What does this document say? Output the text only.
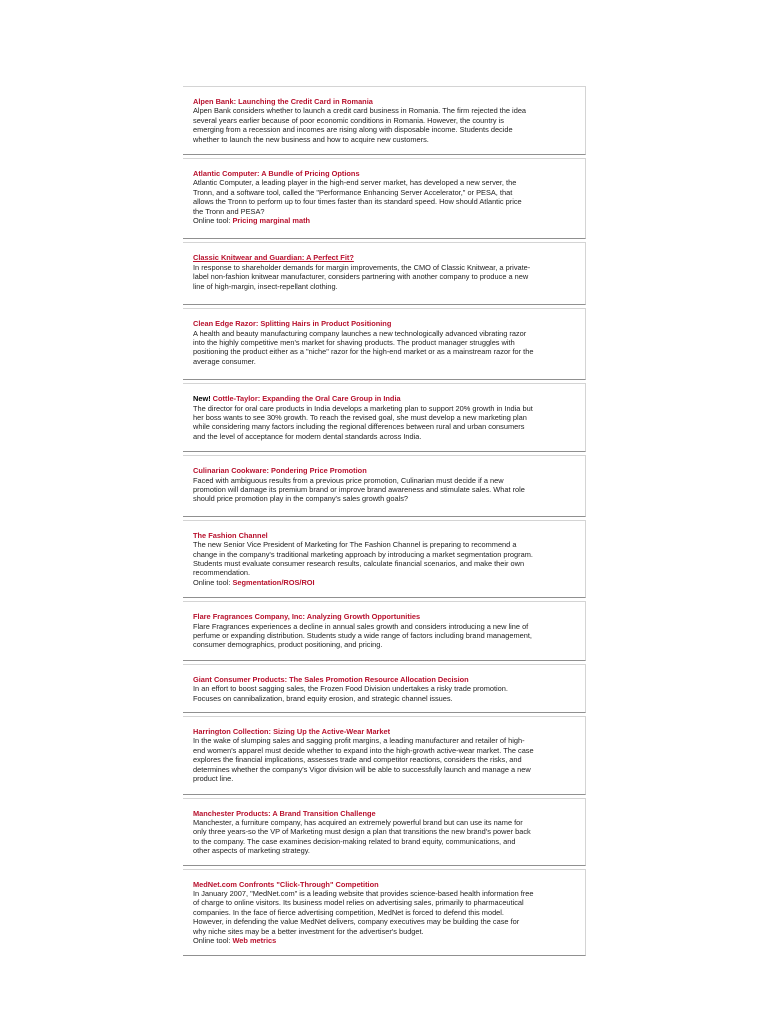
Alpen Bank: Launching the Credit Card in Romania

Alpen Bank considers whether to launch a credit card business in Romania. The firm rejected the idea

several years earlier because of poor economic conditions in Romania. However, the country is

emerging from a recession and incomes are rising along with disposable income. Students decide

whether to launch the new business and how to acquire new customers.

Atlantic Computer: A Bundle of Pricing Options

Atlantic Computer, a leading player in the high-end server market, has developed a new server, the

Tronn, and a software tool, called the "Performance Enhancing Server Accelerator," or PESA, that

allows the Tronn to perform up to four times faster than its standard speed. How should Atlantic price

the Tronn and PESA?

Online tool: Pricing marginal math
Classic Knitwear and Guardian: A Perfect Fit?

In response to shareholder demands for margin improvements, the CMO of Classic Knitwear, a private-

label non-fashion knitwear manufacturer, considers partnering with another company to produce a new

line of high-margin, insect-repellant clothing.

Clean Edge Razor: Splitting Hairs in Product Positioning

A health and beauty manufacturing company launches a new technologically advanced vibrating razor

into the highly competitive men's market for shaving products. The product manager struggles with

positioning the product either as a "niche" razor for the high-end market or as a mainstream razor for the

average consumer.

New! Cottle-Taylor: Expanding the Oral Care Group in India

The director for oral care products in India develops a marketing plan to support 20% growth in India but

her boss wants to see 30% growth. To reach the revised goal, she must develop a new marketing plan

while considering many factors including the regional differences between rural and urban consumers

and the level of acceptance for modern dental standards across India.

Culinarian Cookware: Pondering Price Promotion

Faced with ambiguous results from a previous price promotion, Culinarian must decide if a new

promotion will damage its premium brand or improve brand awareness and stimulate sales. What role

should price promotion play in the company's sales growth goals?

The Fashion Channel

The new Senior Vice President of Marketing for The Fashion Channel is preparing to recommend a

change in the company's traditional marketing approach by introducing a market segmentation program.

Students must evaluate consumer research results, calculate financial scenarios, and make their own

recommendation.

Online tool: Segmentation/ROS/ROI
Flare Fragrances Company, Inc: Analyzing Growth Opportunities

Flare Fragrances experiences a decline in annual sales growth and considers introducing a new line of

perfume or expanding distribution. Students study a wide range of factors including brand management,

consumer demographics, product positioning, and pricing.

Giant Consumer Products: The Sales Promotion Resource Allocation Decision

In an effort to boost sagging sales, the Frozen Food Division undertakes a risky trade promotion.

Focuses on cannibalization, brand equity erosion, and strategic channel issues.

Harrington Collection: Sizing Up the Active-Wear Market

In the wake of slumping sales and sagging profit margins, a leading manufacturer and retailer of high-

end women's apparel must decide whether to expand into the high-growth active-wear market. The case

explores the financial implications, assesses trade and competitor reactions, considers the risks, and

determines whether the company's Vigor division will be able to successfully launch and manage a new

product line.

Manchester Products: A Brand Transition Challenge

Manchester, a furniture company, has acquired an extremely powerful brand but can use its name for

only three years-so the VP of Marketing must design a plan that transitions the new brand's power back

to the company. The case examines decision-making related to brand equity, communications, and

other aspects of marketing strategy.

MedNet.com Confronts "Click-Through" Competition

In January 2007, "MedNet.com" is a leading website that provides science-based health information free

of charge to online visitors. Its business model relies on advertising sales, primarily to pharmaceutical

companies. In the face of fierce advertising competition, MedNet is forced to defend this model.

However, in defending the value MedNet delivers, company executives may be building the case for

why niche sites may be a better investment for the advertiser's budget.

Online tool: Web metrics
